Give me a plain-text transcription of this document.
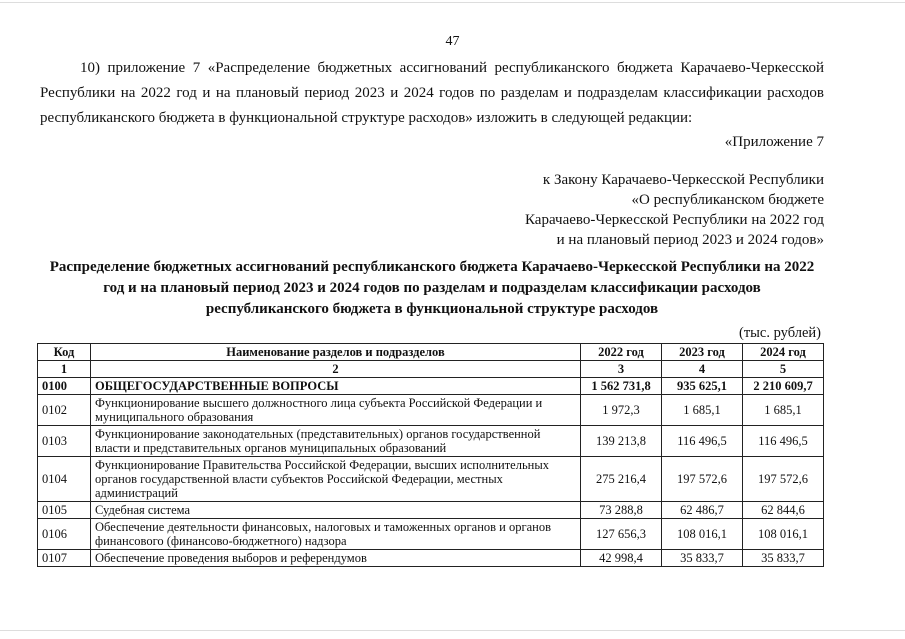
47
10) приложение 7 «Распределение бюджетных ассигнований республиканского бюджета Карачаево-Черкесской Республики на 2022 год и на плановый период 2023 и 2024 годов по разделам и подразделам классификации расходов республиканского бюджета в функциональной структуре расходов» изложить в следующей редакции:
«Приложение 7
к Закону Карачаево-Черкесской Республики
«О республиканском бюджете
Карачаево-Черкесской Республики на 2022 год
и на плановый период 2023 и 2024 годов»
Распределение бюджетных ассигнований республиканского бюджета Карачаево-Черкесской Республики на 2022 год и на плановый период 2023 и 2024 годов по разделам и подразделам классификации расходов республиканского бюджета в функциональной структуре расходов
(тыс. рублей)
Код	Наименование разделов и подразделов	2022 год	2023 год	2024 год
1	2	3	4	5
0100	ОБЩЕГОСУДАРСТВЕННЫЕ ВОПРОСЫ	1 562 731,8	935 625,1	2 210 609,7
0102	Функционирование высшего должностного лица субъекта Российской Федерации и муниципального образования	1 972,3	1 685,1	1 685,1
0103	Функционирование законодательных (представительных) органов государственной власти и представительных органов муниципальных образований	139 213,8	116 496,5	116 496,5
0104	Функционирование Правительства Российской Федерации, высших исполнительных органов государственной власти субъектов Российской Федерации, местных администраций	275 216,4	197 572,6	197 572,6
0105	Судебная система	73 288,8	62 486,7	62 844,6
0106	Обеспечение деятельности финансовых, налоговых и таможенных органов и органов финансового (финансово-бюджетного) надзора	127 656,3	108 016,1	108 016,1
0107	Обеспечение проведения выборов и референдумов	42 998,4	35 833,7	35 833,7
